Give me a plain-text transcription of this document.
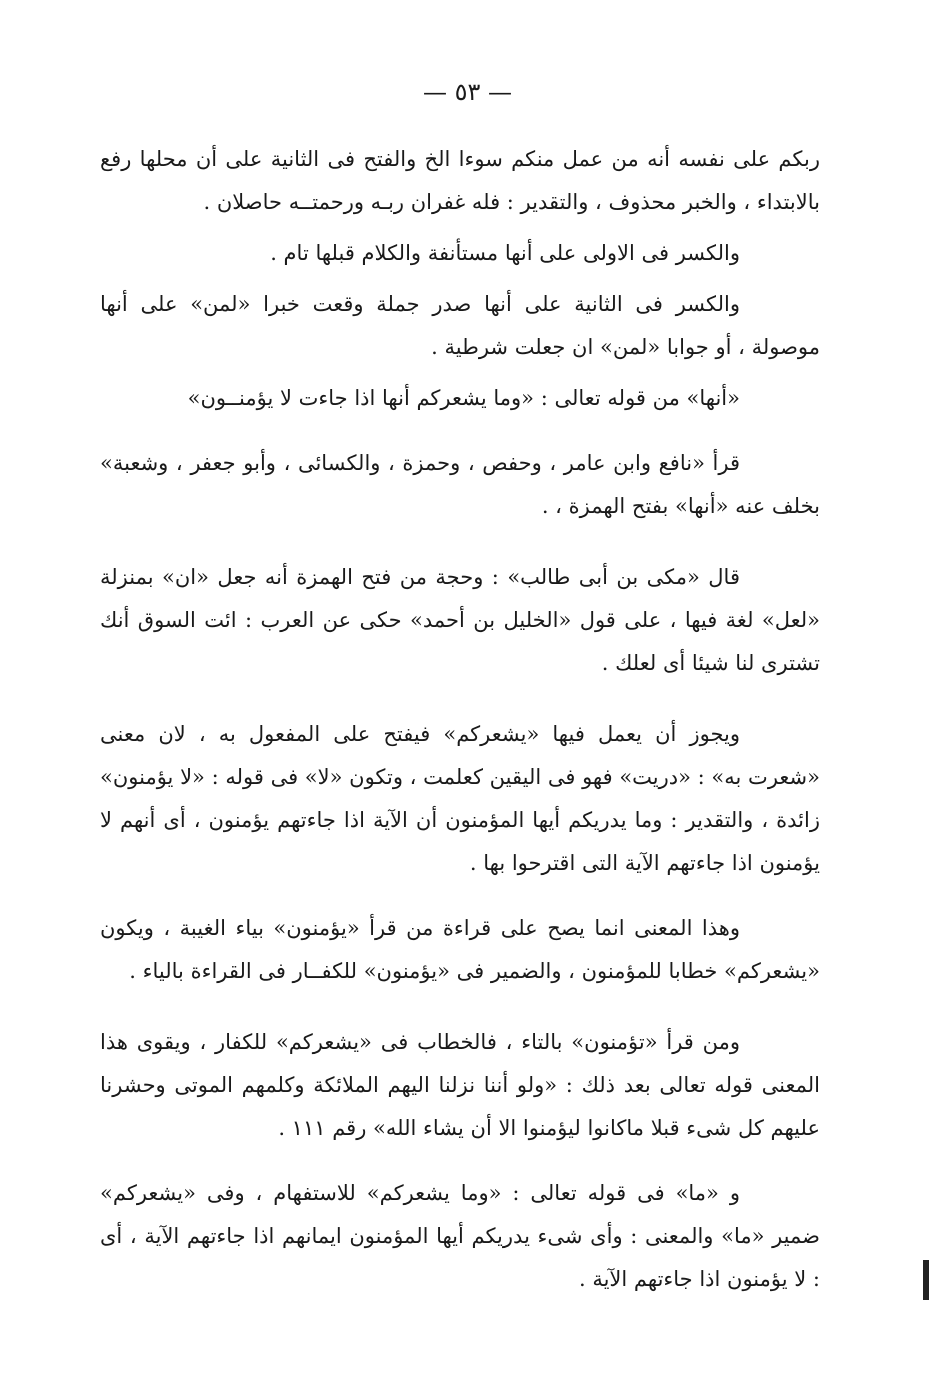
— ٥٣ —

ربكم على نفسه أنه من عمل منكم سوءا الخ والفتح فى الثانية على أن محلها رفع بالابتداء ، والخبر محذوف ، والتقدير : فله غفران ربـه ورحمتــه حاصلان .

والكسر فى الاولى على أنها مستأنفة والكلام قبلها تام .

والكسر فى الثانية على أنها صدر جملة وقعت خبرا «لمن» على أنها موصولة ، أو جوابا «لمن» ان جعلت شرطية .

«أنها» من قوله تعالى : «وما يشعركم أنها اذا جاءت لا يؤمنــون»

قرأ «نافع وابن عامر ، وحفص ، وحمزة ، والكسائى ، وأبو جعفر ، وشعبة» بخلف عنه «أنها» بفتح الهمزة ، .

قال «مكى بن أبى طالب» : وحجة من فتح الهمزة أنه جعل «ان» بمنزلة «لعل» لغة فيها ، على قول «الخليل بن أحمد» حكى عن العرب : ائت السوق أنك تشترى لنا شيئا أى لعلك .

ويجوز أن يعمل فيها «يشعركم» فيفتح على المفعول به ، لان معنى «شعرت به» : «دريت» فهو فى اليقين كعلمت ، وتكون «لا» فى قوله : «لا يؤمنون» زائدة ، والتقدير : وما يدريكم أيها المؤمنون أن الآية اذا جاءتهم يؤمنون ، أى أنهم لا يؤمنون اذا جاءتهم الآية التى اقترحوا بها .

وهذا المعنى انما يصح على قراءة من قرأ «يؤمنون» بياء الغيبة ، ويكون «يشعركم» خطابا للمؤمنون ، والضمير فى «يؤمنون» للكفــار فى القراءة بالياء .

ومن قرأ «تؤمنون» بالتاء ، فالخطاب فى «يشعركم» للكفار ، ويقوى هذا المعنى قوله تعالى بعد ذلك : «ولو أننا نزلنا اليهم الملائكة وكلمهم الموتى وحشرنا عليهم كل شىء قبلا ماكانوا ليؤمنوا الا أن يشاء الله» رقم ١١١ .

و «ما» فى قوله تعالى : «وما يشعركم» للاستفهام ، وفى «يشعركم» ضمير «ما» والمعنى : وأى شىء يدريكم أيها المؤمنون ايمانهم اذا جاءتهم الآية ، أى : لا يؤمنون اذا جاءتهم الآية .
